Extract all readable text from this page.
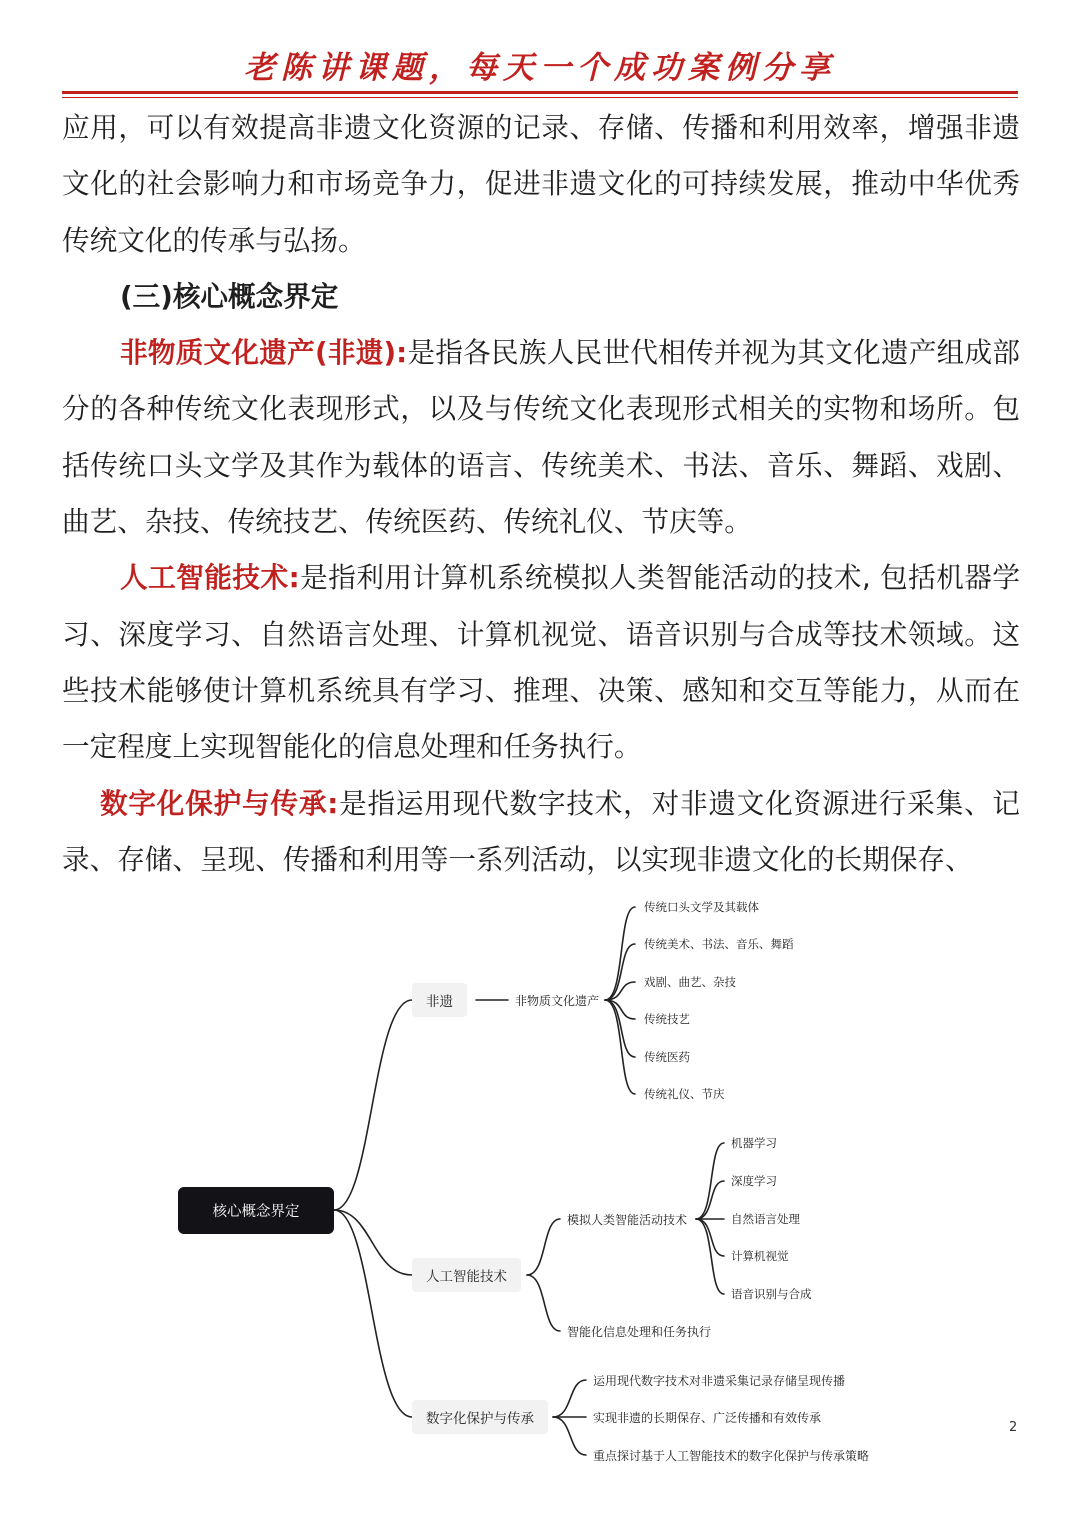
老陈讲课题，每天一个成功案例分享

应用，可以有效提高非遗文化资源的记录、存储、传播和利用效率，增强非遗文化的社会影响力和市场竞争力，促进非遗文化的可持续发展，推动中华优秀传统文化的传承与弘扬。

(三)核心概念界定

非物质文化遗产(非遗):是指各民族人民世代相传并视为其文化遗产组成部分的各种传统文化表现形式，以及与传统文化表现形式相关的实物和场所。包括传统口头文学及其作为载体的语言、传统美术、书法、音乐、舞蹈、戏剧、曲艺、杂技、传统技艺、传统医药、传统礼仪、节庆等。

人工智能技术:是指利用计算机系统模拟人类智能活动的技术, 包括机器学习、深度学习、自然语言处理、计算机视觉、语音识别与合成等技术领域。这些技术能够使计算机系统具有学习、推理、决策、感知和交互等能力，从而在一定程度上实现智能化的信息处理和任务执行。

数字化保护与传承:是指运用现代数字技术，对非遗文化资源进行采集、记录、存储、呈现、传播和利用等一系列活动，以实现非遗文化的长期保存、

核心概念界定
非遗
人工智能技术
数字化保护与传承
非物质文化遗产
模拟人类智能活动技术
智能化信息处理和任务执行
运用现代数字技术对非遗采集记录存储呈现传播
实现非遗的长期保存、广泛传播和有效传承
重点探讨基于人工智能技术的数字化保护与传承策略
传统口头文学及其载体
传统美术、书法、音乐、舞蹈
戏剧、曲艺、杂技
传统技艺
传统医药
传统礼仪、节庆
机器学习
深度学习
自然语言处理
计算机视觉
语音识别与合成
2
